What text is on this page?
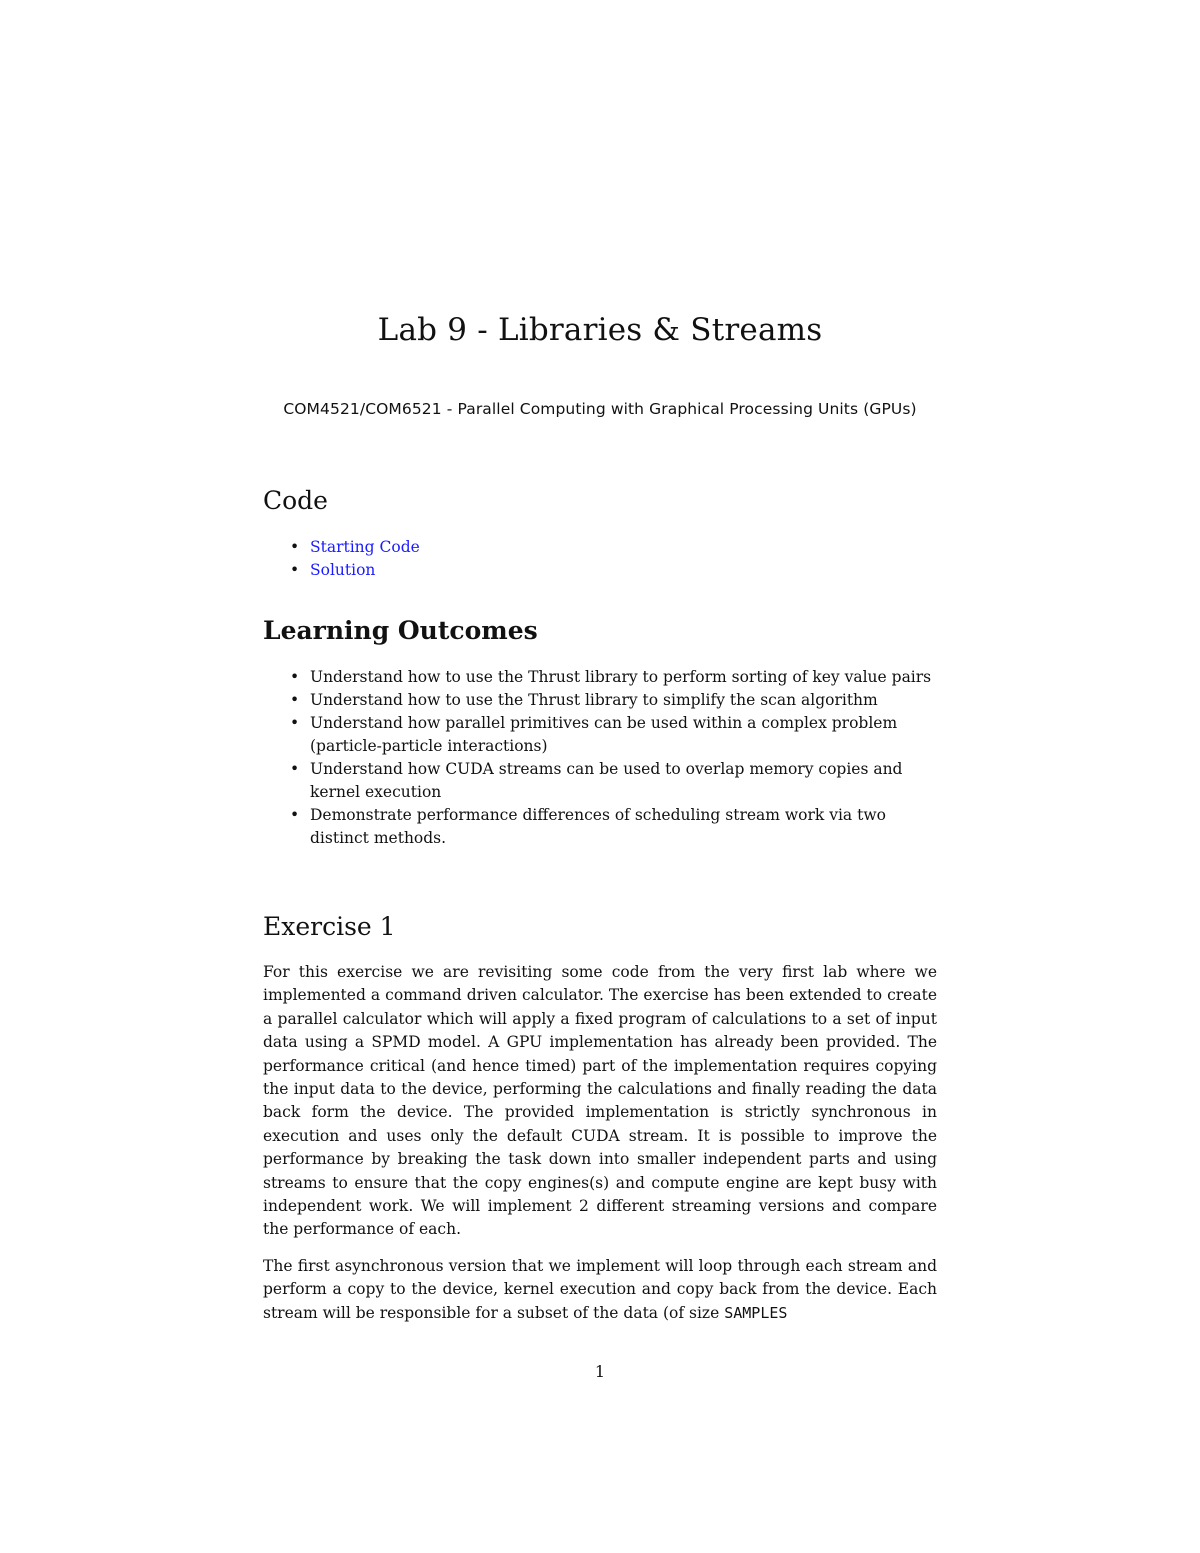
Lab 9 - Libraries & Streams
COM4521/COM6521 - Parallel Computing with Graphical Processing Units (GPUs)
Code
• Starting Code
• Solution
Learning Outcomes
• Understand how to use the Thrust library to perform sorting of key value pairs
• Understand how to use the Thrust library to simplify the scan algorithm
• Understand how parallel primitives can be used within a complex problem (particle-particle interactions)
• Understand how CUDA streams can be used to overlap memory copies and kernel execution
• Demonstrate performance differences of scheduling stream work via two distinct methods.
Exercise 1

For this exercise we are revisiting some code from the very first lab where we implemented a command driven calculator. The exercise has been extended to create a parallel calculator which will apply a fixed program of calculations to a set of input data using a SPMD model. A GPU implementation has already been provided. The performance critical (and hence timed) part of the implementation requires copying the input data to the device, performing the calculations and finally reading the data back form the device. The provided implementation is strictly synchronous in execution and uses only the default CUDA stream. It is possible to improve the performance by breaking the task down into smaller independent parts and using streams to ensure that the copy engines(s) and compute engine are kept busy with independent work. We will implement 2 different streaming versions and compare the performance of each.

The first asynchronous version that we implement will loop through each stream and perform a copy to the device, kernel execution and copy back from the device. Each stream will be responsible for a subset of the data (of size SAMPLES

1
